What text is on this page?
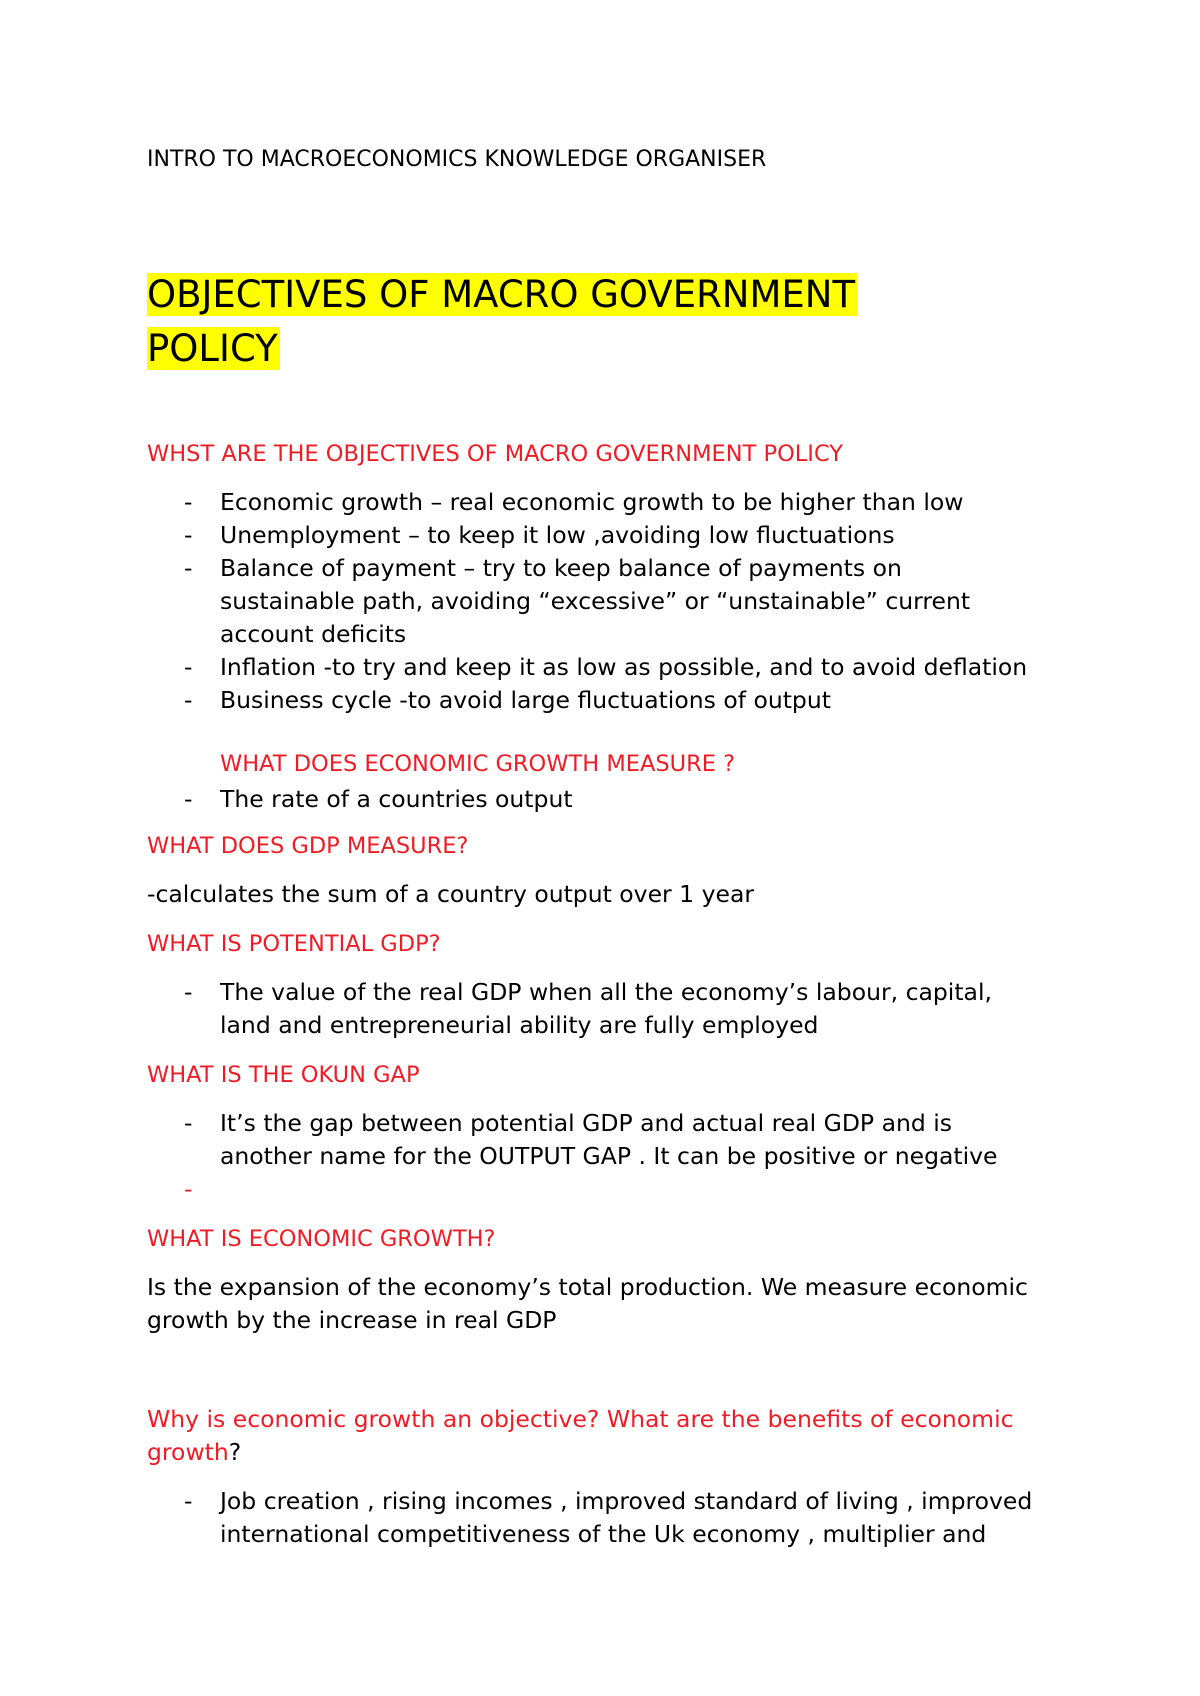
INTRO TO MACROECONOMICS KNOWLEDGE ORGANISER

OBJECTIVES OF MACRO GOVERNMENT
POLICY

WHST ARE THE OBJECTIVES OF MACRO GOVERNMENT POLICY

- Economic growth – real economic growth to be higher than low

- Unemployment – to keep it low ,avoiding low fluctuations

- Balance of payment – try to keep balance of payments on

sustainable path, avoiding “excessive” or “unstainable” current

account deficits

- Inflation -to try and keep it as low as possible, and to avoid deflation

- Business cycle -to avoid large fluctuations of output

WHAT DOES ECONOMIC GROWTH MEASURE ?

- The rate of a countries output

WHAT DOES GDP MEASURE?

-calculates the sum of a country output over 1 year

WHAT IS POTENTIAL GDP?

- The value of the real GDP when all the economy’s labour, capital,

land and entrepreneurial ability are fully employed

WHAT IS THE OKUN GAP

- It’s the gap between potential GDP and actual real GDP and is

another name for the OUTPUT GAP . It can be positive or negative

-

WHAT IS ECONOMIC GROWTH?

Is the expansion of the economy’s total production. We measure economic

growth by the increase in real GDP

Why is economic growth an objective? What are the benefits of economic

growth?

- Job creation , rising incomes , improved standard of living , improved

international competitiveness of the Uk economy , multiplier and
